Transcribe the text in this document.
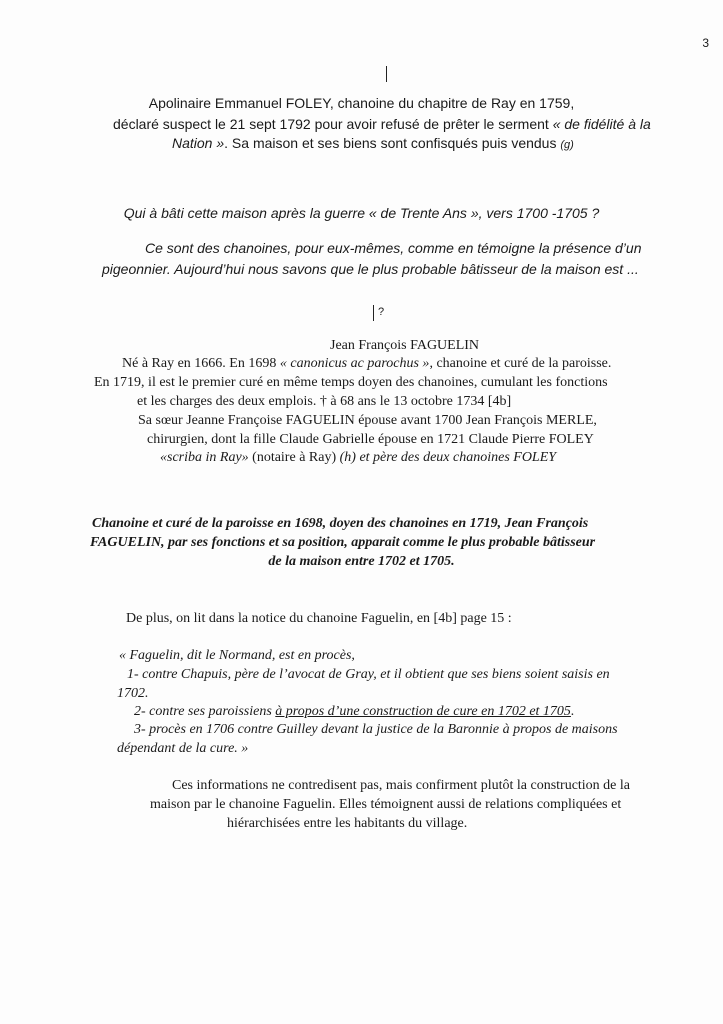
3
Apolinaire Emmanuel FOLEY, chanoine du chapitre de Ray en 1759,
déclaré suspect le 21 sept 1792 pour avoir refusé de prêter le serment « de fidélité à la
Nation ». Sa maison et ses biens sont confisqués puis vendus (g)
Qui à bâti cette maison après la guerre « de Trente Ans », vers 1700 -1705 ?
Ce sont des chanoines, pour eux-mêmes, comme en témoigne la présence d’un
pigeonnier. Aujourd’hui nous savons que le plus probable bâtisseur de la maison est ...
?
Jean François FAGUELIN
Né à Ray en 1666. En 1698 « canonicus ac parochus », chanoine et curé de la paroisse.
En 1719, il est le premier curé en même temps doyen des chanoines, cumulant les fonctions
et les charges des deux emplois. † à 68 ans le 13 octobre 1734 [4b]
Sa sœur Jeanne Françoise FAGUELIN épouse avant 1700 Jean François MERLE,
chirurgien, dont la fille Claude Gabrielle épouse en 1721 Claude Pierre FOLEY
«scriba in Ray» (notaire à Ray) (h) et père des deux chanoines FOLEY
Chanoine et curé de la paroisse en 1698, doyen des chanoines en 1719, Jean François
FAGUELIN, par ses fonctions et sa position, apparait comme le plus probable bâtisseur
de la maison entre 1702 et 1705.
De plus, on lit dans la notice du chanoine Faguelin, en [4b] page 15 :
« Faguelin, dit le Normand, est en procès,
1- contre Chapuis, père de l’avocat de Gray, et il obtient que ses biens soient saisis en
1702.
2- contre ses paroissiens à propos d’une construction de cure en 1702 et 1705.
3- procès en 1706 contre Guilley devant la justice de la Baronnie à propos de maisons
dépendant de la cure. »
Ces informations ne contredisent pas, mais confirment plutôt la construction de la
maison par le chanoine Faguelin. Elles témoignent aussi de relations compliquées et
hiérarchisées entre les habitants du village.
